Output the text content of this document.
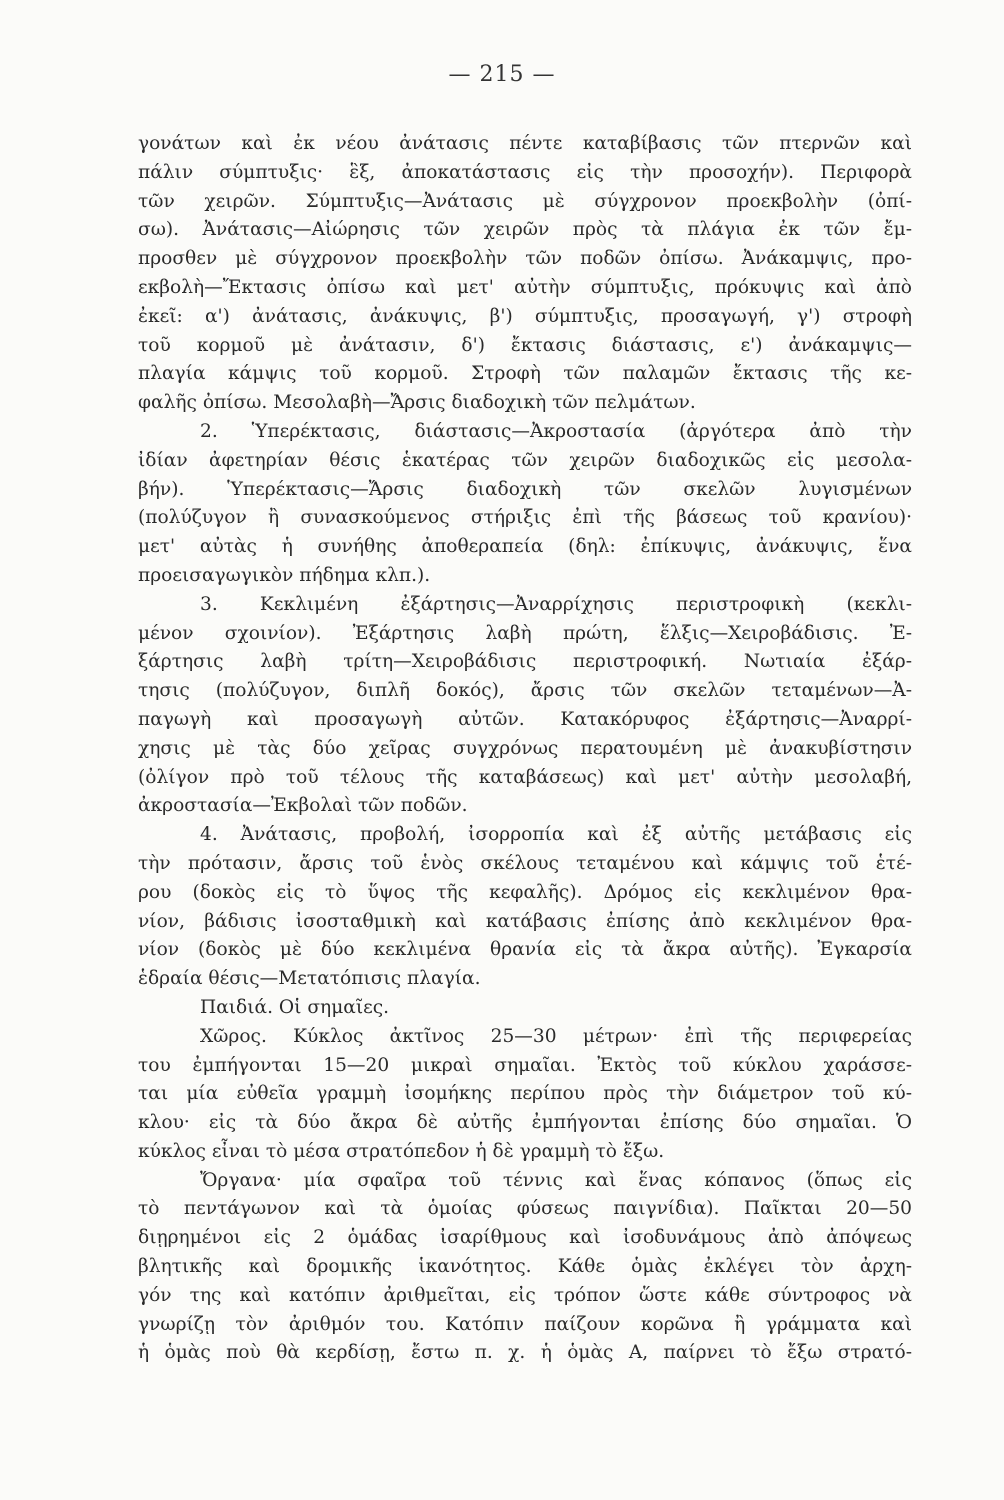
— 215 —
γονάτων καὶ ἐκ νέου ἀνάτασις πέντε καταβίβασις τῶν πτερνῶν καὶ
πάλιν σύμπτυξις· ἓξ, ἀποκατάστασις εἰς τὴν προσοχήν). Περιφορὰ
τῶν χειρῶν. Σύμπτυξις—Ἀνάτασις μὲ σύγχρονον προεκβολὴν (ὀπί-
σω). Ἀνάτασις—Αἰώρησις τῶν χειρῶν πρὸς τὰ πλάγια ἐκ τῶν ἔμ-
προσθεν μὲ σύγχρονον προεκβολὴν τῶν ποδῶν ὀπίσω. Ἀνάκαμψις, προ-
εκβολὴ—Ἔκτασις ὀπίσω καὶ μετ' αὐτὴν σύμπτυξις, πρόκυψις καὶ ἀπὸ
ἐκεῖ: α') ἀνάτασις, ἀνάκυψις, β') σύμπτυξις, προσαγωγή, γ') στροφὴ
τοῦ κορμοῦ μὲ ἀνάτασιν, δ') ἔκτασις διάστασις, ε') ἀνάκαμψις—
πλαγία κάμψις τοῦ κορμοῦ. Στροφὴ τῶν παλαμῶν ἔκτασις τῆς κε-
φαλῆς ὀπίσω. Μεσολαβὴ—Ἄρσις διαδοχικὴ τῶν πελμάτων.
2. Ὑπερέκτασις, διάστασις—Ἀκροστασία (ἀργότερα ἀπὸ τὴν
ἰδίαν ἀφετηρίαν θέσις ἑκατέρας τῶν χειρῶν διαδοχικῶς εἰς μεσολα-
βήν). Ὑπερέκτασις—Ἄρσις διαδοχικὴ τῶν σκελῶν λυγισμένων
(πολύζυγον ἢ συνασκούμενος στήριξις ἐπὶ τῆς βάσεως τοῦ κρανίου)·
μετ' αὐτὰς ἡ συνήθης ἀποθεραπεία (δηλ: ἐπίκυψις, ἀνάκυψις, ἕνα
προεισαγωγικὸν πήδημα κλπ.).
3. Κεκλιμένη ἐξάρτησις—Ἀναρρίχησις περιστροφικὴ (κεκλι-
μένον σχοινίον). Ἐξάρτησις λαβὴ πρώτη, ἕλξις—Χειροβάδισις. Ἐ-
ξάρτησις λαβὴ τρίτη—Χειροβάδισις περιστροφική. Νωτιαία ἐξάρ-
τησις (πολύζυγον, διπλῆ δοκός), ἄρσις τῶν σκελῶν τεταμένων—Ἀ-
παγωγὴ καὶ προσαγωγὴ αὐτῶν. Κατακόρυφος ἐξάρτησις—Ἀναρρί-
χησις μὲ τὰς δύο χεῖρας συγχρόνως περατουμένη μὲ ἀνακυβίστησιν
(ὀλίγον πρὸ τοῦ τέλους τῆς καταβάσεως) καὶ μετ' αὐτὴν μεσολαβή,
ἀκροστασία—Ἐκβολαὶ τῶν ποδῶν.
4. Ἀνάτασις, προβολή, ἰσορροπία καὶ ἐξ αὐτῆς μετάβασις εἰς
τὴν πρότασιν, ἄρσις τοῦ ἑνὸς σκέλους τεταμένου καὶ κάμψις τοῦ ἑτέ-
ρου (δοκὸς εἰς τὸ ὕψος τῆς κεφαλῆς). Δρόμος εἰς κεκλιμένον θρα-
νίον, βάδισις ἰσοσταθμικὴ καὶ κατάβασις ἐπίσης ἀπὸ κεκλιμένον θρα-
νίον (δοκὸς μὲ δύο κεκλιμένα θρανία εἰς τὰ ἄκρα αὐτῆς). Ἐγκαρσία
ἑδραία θέσις—Μετατόπισις πλαγία.
Παιδιά. Οἱ σημαῖες.
Χῶρος. Κύκλος ἀκτῖνος 25—30 μέτρων· ἐπὶ τῆς περιφερείας
του ἐμπήγονται 15—20 μικραὶ σημαῖαι. Ἐκτὸς τοῦ κύκλου χαράσσε-
ται μία εὐθεῖα γραμμὴ ἰσομήκης περίπου πρὸς τὴν διάμετρον τοῦ κύ-
κλου· εἰς τὰ δύο ἄκρα δὲ αὐτῆς ἐμπήγονται ἐπίσης δύο σημαῖαι. Ὁ
κύκλος εἶναι τὸ μέσα στρατόπεδον ἡ δὲ γραμμὴ τὸ ἔξω.
Ὄργανα· μία σφαῖρα τοῦ τέννις καὶ ἕνας κόπανος (ὅπως εἰς
τὸ πεντάγωνον καὶ τὰ ὁμοίας φύσεως παιγνίδια). Παῖκται 20—50
διῃρημένοι εἰς 2 ὁμάδας ἰσαρίθμους καὶ ἰσοδυνάμους ἀπὸ ἀπόψεως
βλητικῆς καὶ δρομικῆς ἱκανότητος. Κάθε ὁμὰς ἐκλέγει τὸν ἀρχη-
γόν της καὶ κατόπιν ἀριθμεῖται, εἰς τρόπον ὥστε κάθε σύντροφος νὰ
γνωρίζῃ τὸν ἀριθμόν του. Κατόπιν παίζουν κορῶνα ἢ γράμματα καὶ
ἡ ὁμὰς ποὺ θὰ κερδίσῃ, ἔστω π. χ. ἡ ὁμὰς Α, παίρνει τὸ ἔξω στρατό-
